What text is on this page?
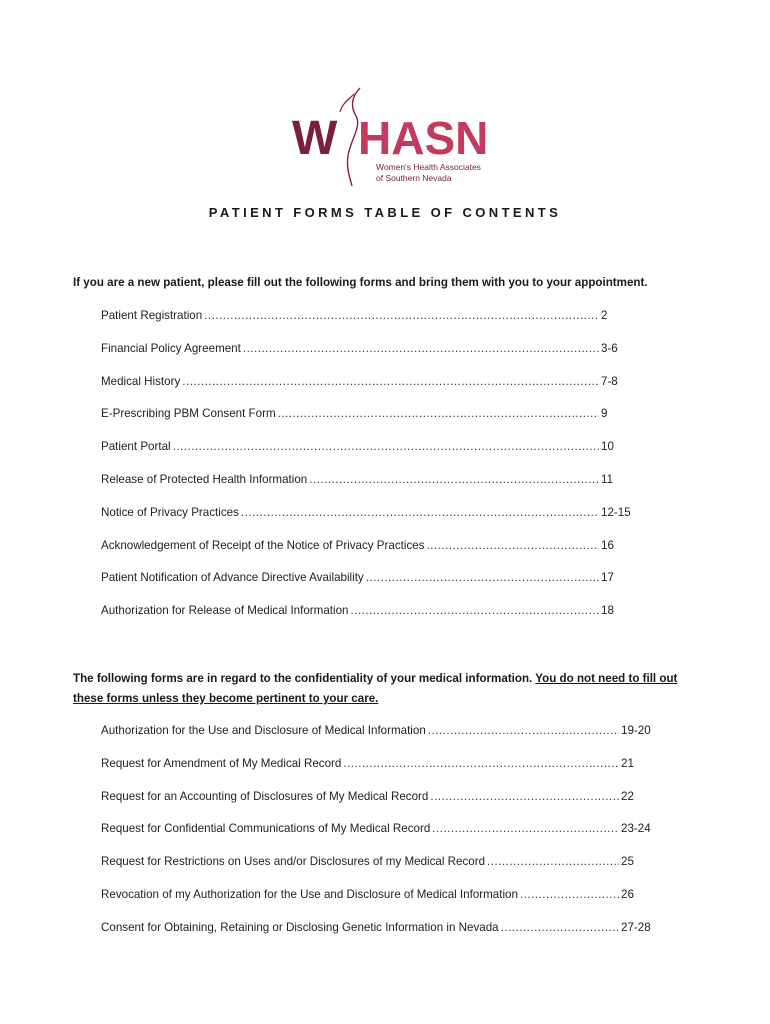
W HASN
Women's Health Associates
of Southern Nevada
PATIENT FORMS TABLE OF CONTENTS
If you are a new patient, please fill out the following forms and bring them with you to your appointment.
Patient Registration .....	2
Financial Policy Agreement .....	3-6
Medical History .....	7-8
E-Prescribing PBM Consent Form .....	9
Patient Portal .....	10
Release of Protected Health Information .....	11
Notice of Privacy Practices .....	12-15
Acknowledgement of Receipt of the Notice of Privacy Practices .....	16
Patient Notification of Advance Directive Availability .....	17
Authorization for Release of Medical Information .....	18
The following forms are in regard to the confidentiality of your medical information. You do not need to fill out these forms unless they become pertinent to your care.
Authorization for the Use and Disclosure of Medical Information .....	19-20
Request for Amendment of My Medical Record .....	21
Request for an Accounting of Disclosures of My Medical Record .....	22
Request for Confidential Communications of My Medical Record .....	23-24
Request for Restrictions on Uses and/or Disclosures of my Medical Record .....	25
Revocation of my Authorization for the Use and Disclosure of Medical Information .....	26
Consent for Obtaining, Retaining or Disclosing Genetic Information in Nevada .....	27-28
